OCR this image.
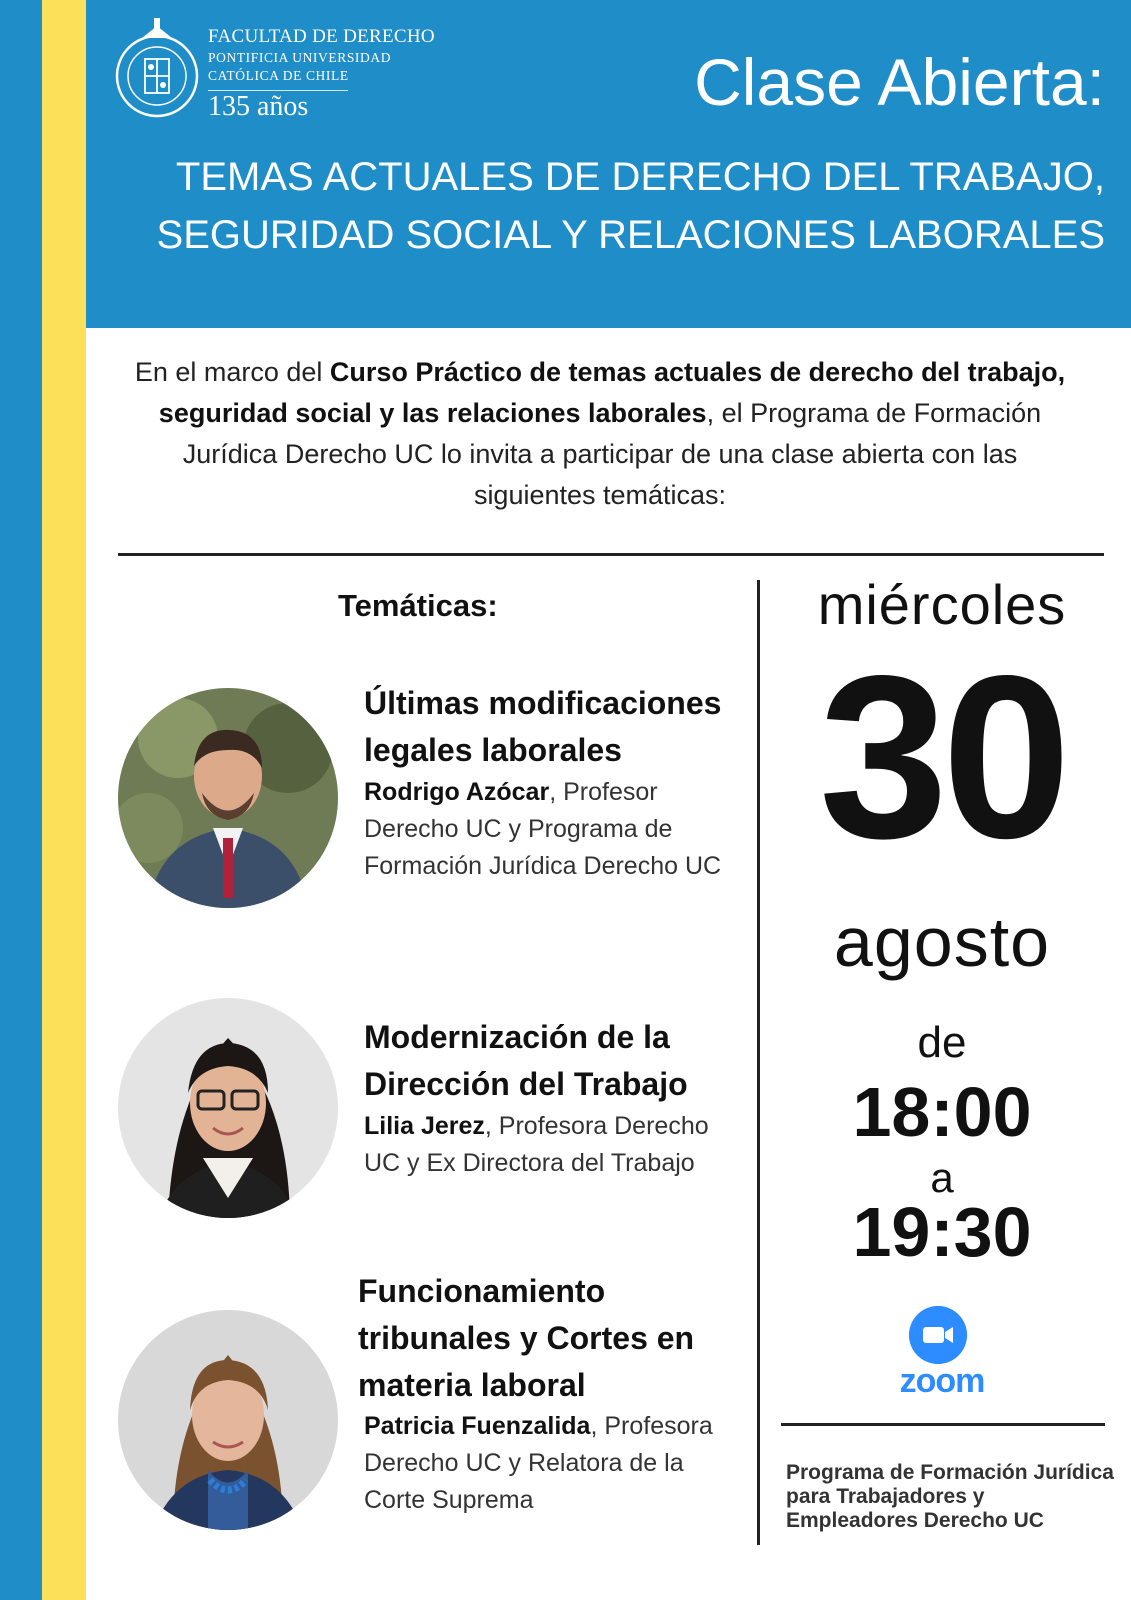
FACULTAD DE DERECHO
PONTIFICIA UNIVERSIDAD
CATÓLICA DE CHILE
135 años	Clase Abierta:
TEMAS ACTUALES DE DERECHO DEL TRABAJO, SEGURIDAD SOCIAL Y RELACIONES LABORALES
En el marco del Curso Práctico de temas actuales de derecho del trabajo, seguridad social y las relaciones laborales, el Programa de Formación Jurídica Derecho UC lo invita a participar de una clase abierta con las siguientes temáticas:
Temáticas:
Últimas modificaciones legales laborales
Rodrigo Azócar, Profesor Derecho UC y Programa de Formación Jurídica Derecho UC
Modernización de la Dirección del Trabajo
Lilia Jerez, Profesora Derecho UC y Ex Directora del Trabajo
Funcionamiento tribunales y Cortes en materia laboral
Patricia Fuenzalida, Profesora Derecho UC y Relatora de la Corte Suprema
miércoles
30
agosto
de
18:00
a
19:30
zoom
Programa de Formación Jurídica para Trabajadores y Empleadores Derecho UC
